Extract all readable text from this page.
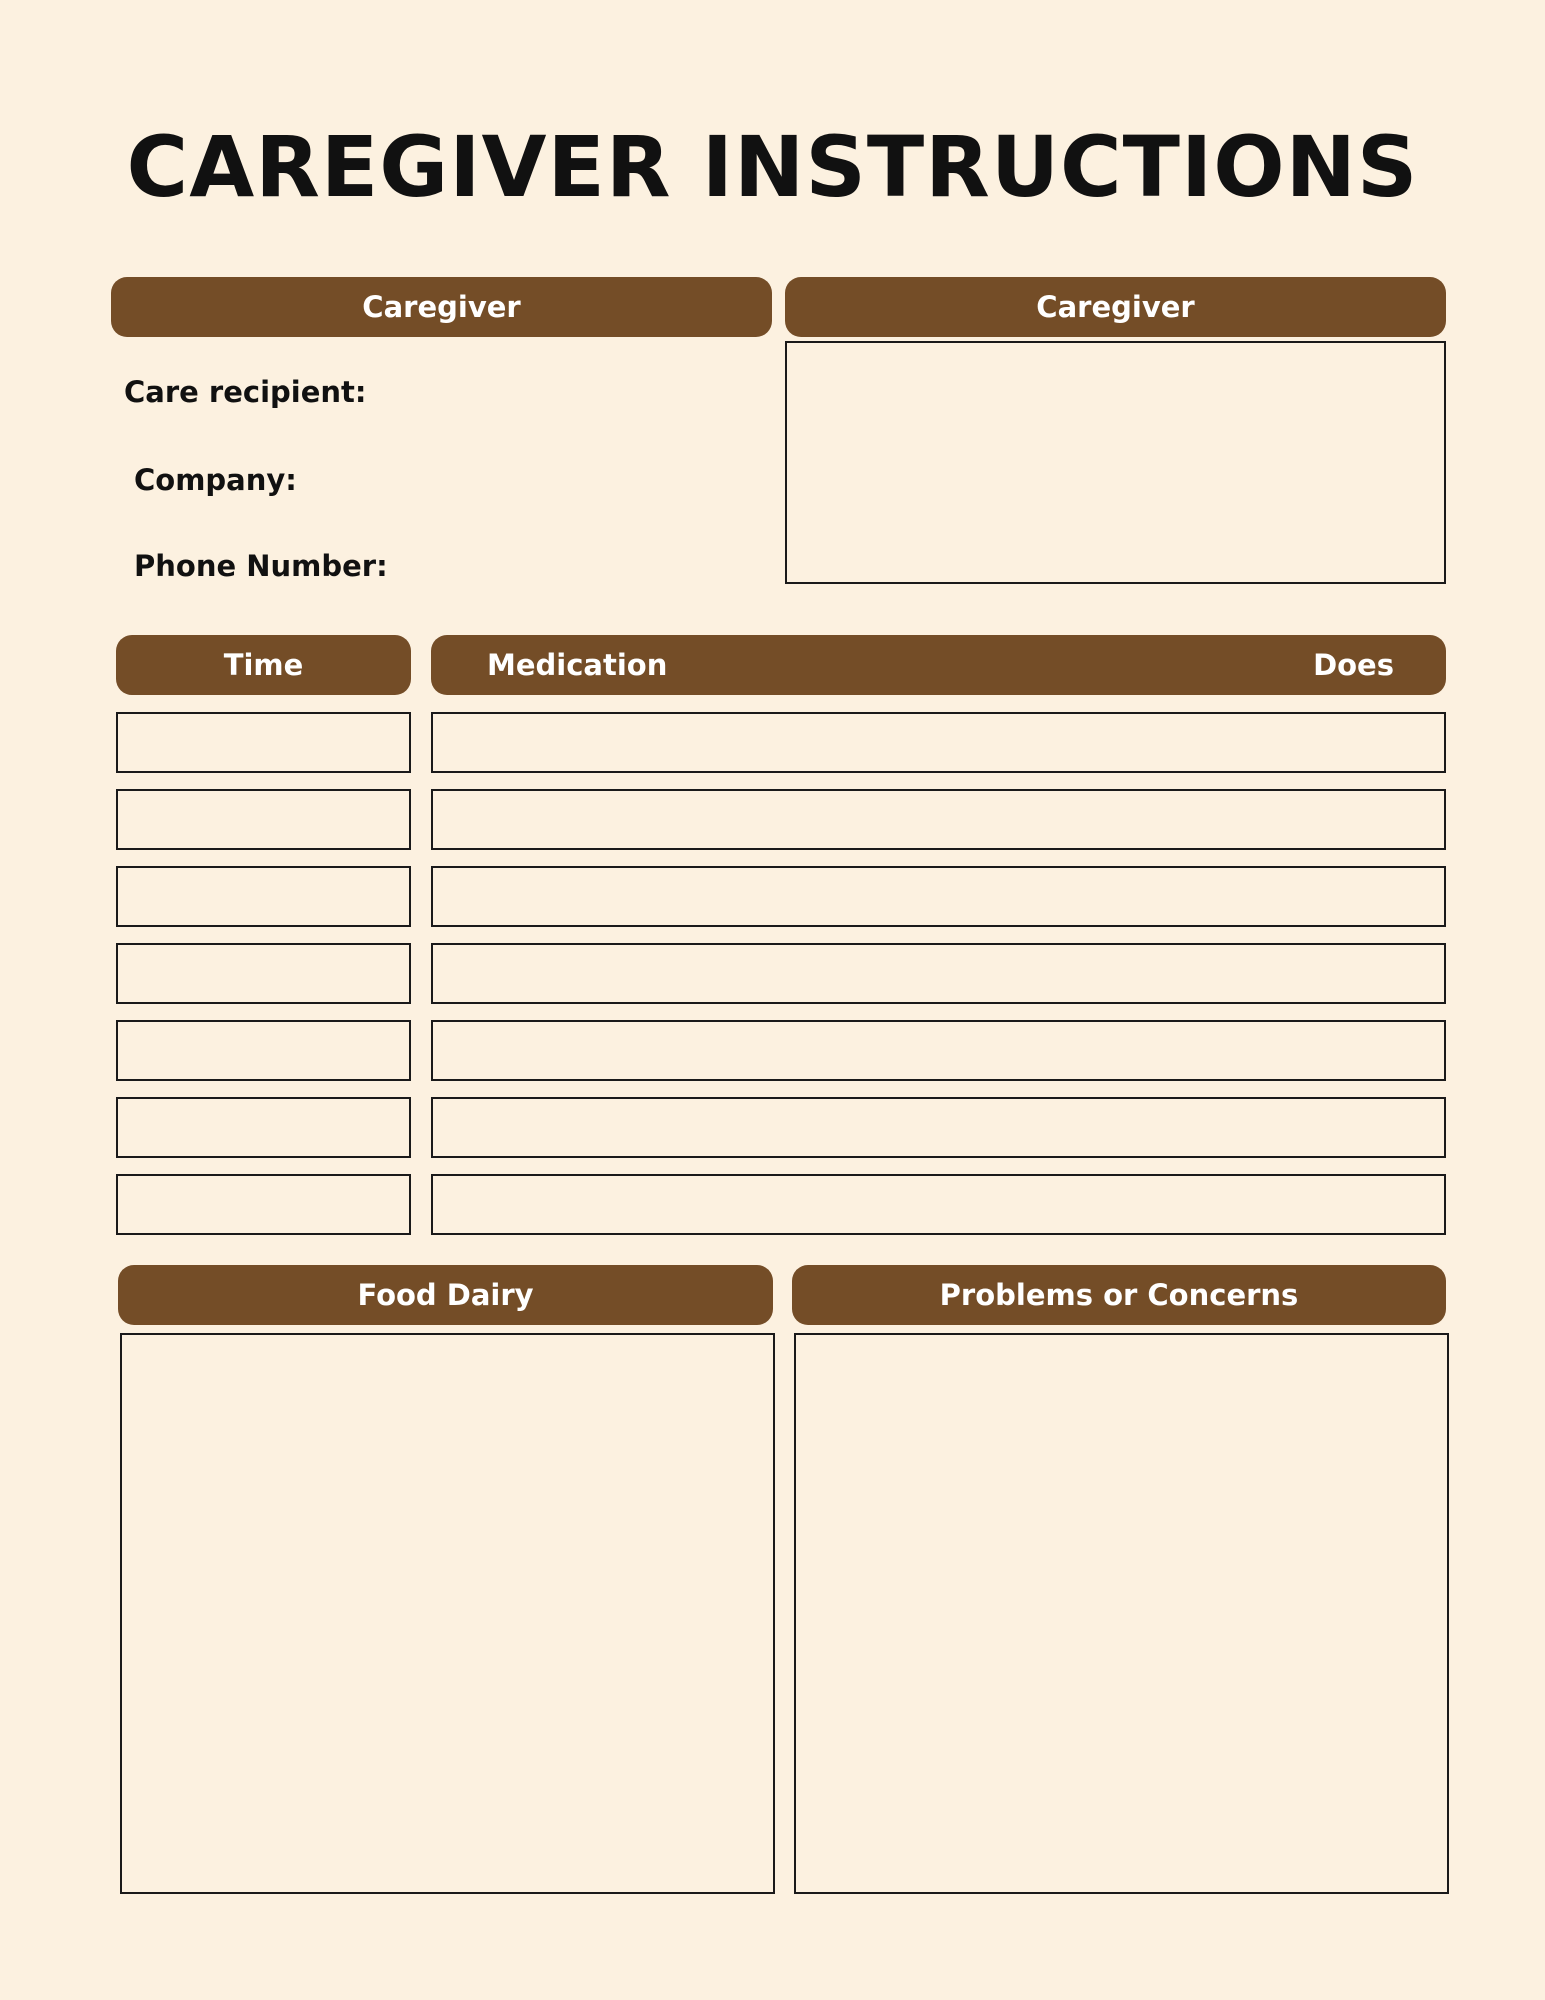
CAREGIVER INSTRUCTIONS
Caregiver	Caregiver
Care recipient:
Company:
Phone Number:
Time	Medication	Does
Food Dairy	Problems or Concerns
